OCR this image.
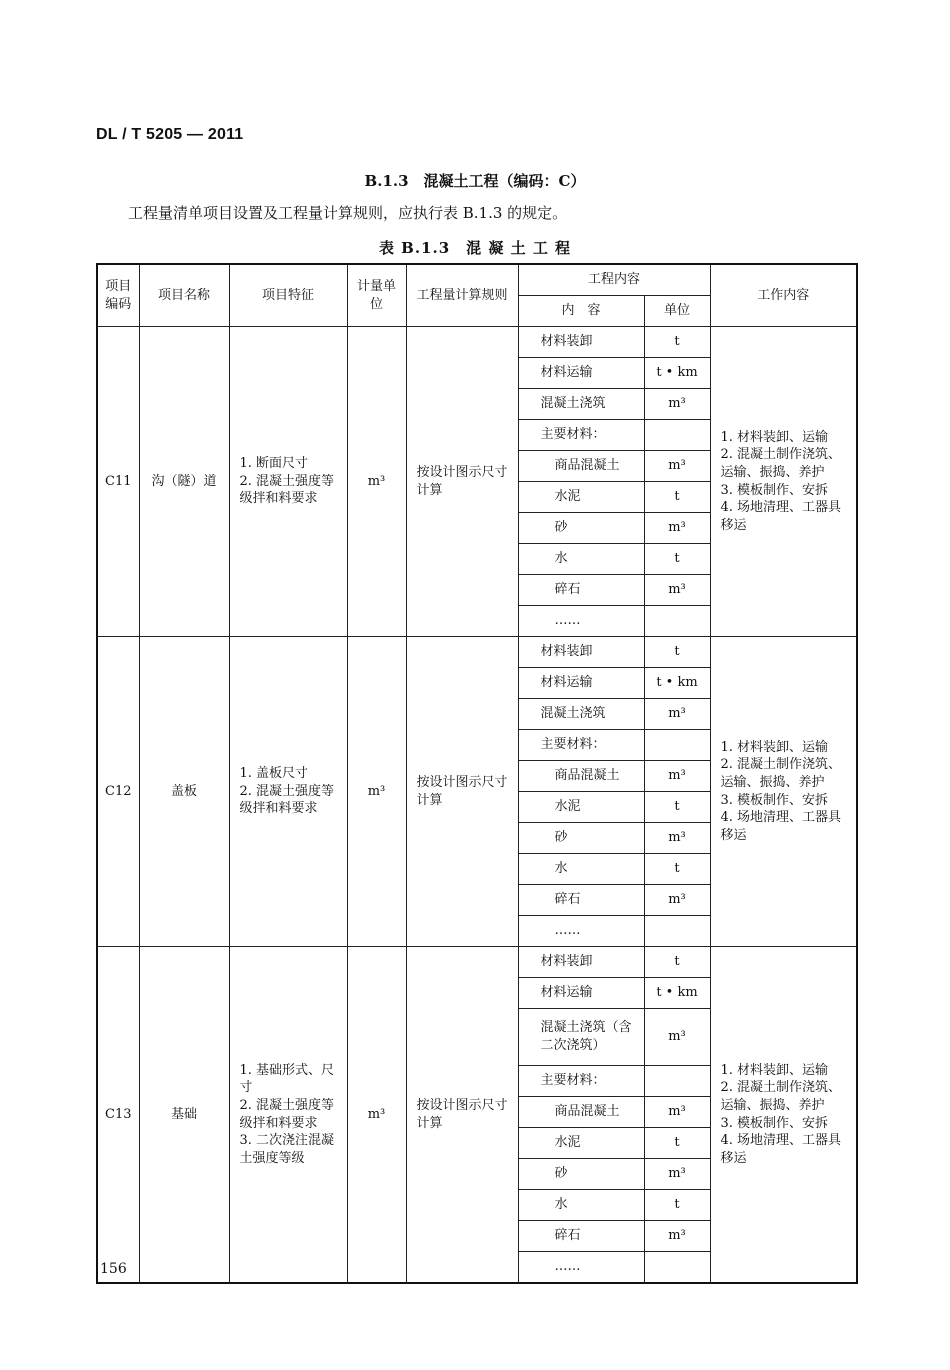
DL / T 5205 — 2011
B.1.3　混凝土工程（编码：C）
工程量清单项目设置及工程量计算规则，应执行表 B.1.3 的规定。
表 B.1.3　混 凝 土 工 程
项目编码	项目名称	项目特征	计量单位	工程量计算规则	工程内容		工作内容
					内　容	单位	
C11	沟（隧）道	1. 断面尺寸
2. 混凝土强度等级拌和料要求	m³	按设计图示尺寸计算	材料装卸	t	1. 材料装卸、运输
2. 混凝土制作浇筑、运输、振捣、养护
3. 模板制作、安拆
4. 场地清理、工器具移运

					材料运输	t • km	
					混凝土浇筑	m³	
					主要材料：		
					商品混凝土	m³	
					水泥	t	
					砂	m³	
					水	t	
					碎石	m³	
					……		
C12	盖板	1. 盖板尺寸
2. 混凝土强度等级拌和料要求	m³	按设计图示尺寸计算	材料装卸	t	1. 材料装卸、运输
2. 混凝土制作浇筑、运输、振捣、养护
3. 模板制作、安拆
4. 场地清理、工器具移运

					材料运输	t • km	
					混凝土浇筑	m³	
					主要材料：		
					商品混凝土	m³	
					水泥	t	
					砂	m³	
					水	t	
					碎石	m³	
					……		
C13	基础	1. 基础形式、尺寸
2. 混凝土强度等级拌和料要求
3. 二次浇注混凝土强度等级	m³	按设计图示尺寸计算	材料装卸	t	1. 材料装卸、运输
2. 混凝土制作浇筑、运输、振捣、养护
3. 模板制作、安拆
4. 场地清理、工器具移运

					材料运输	t • km	
					混凝土浇筑（含二次浇筑）	m³	
					主要材料：		
					商品混凝土	m³	
					水泥	t	
					砂	m³	
					水	t	
					碎石	m³	
					……		
156
